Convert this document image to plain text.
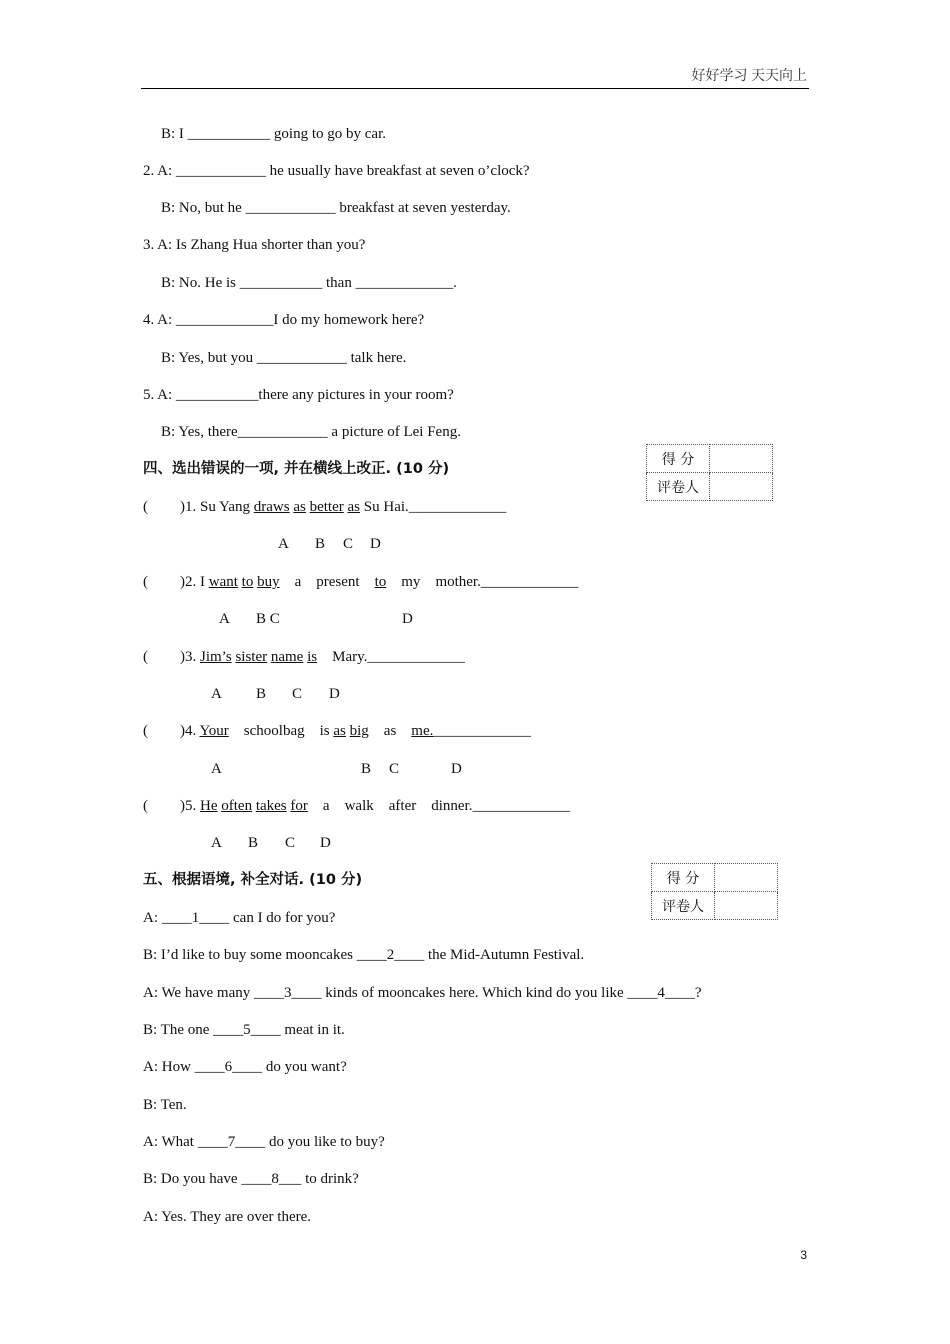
好好学习 天天向上
B: I ___________ going to go by car.
2. A: ____________ he usually have breakfast at seven o’clock?
B: No, but he ____________ breakfast at seven yesterday.
3. A: Is Zhang Hua shorter than you?
B: No. He is ___________ than _____________.
4. A: _____________I do my homework here?
B: Yes, but you ____________ talk here.
5. A: ___________there any pictures in your room?
B: Yes, there____________ a picture of Lei Feng.
四、选出错误的一项, 并在横线上改正. (10 分)
得 分	
评卷人	
( )1. Su Yang draws as better as Su Hai._____________
A B C D
( )2. I want to buy a present to my mother._____________
A B C	D
( )3. Jim’s sister name is Mary._____________
A B C D
( )4. Your schoolbag is as big as me._____________
A	B C	D
( )5. He often takes for a walk after dinner._____________
A B C D
五、根据语境, 补全对话. (10 分)	得 分	
评卷人	
A: ____1____ can I do for you?
B: I’d like to buy some mooncakes ____2____ the Mid-Autumn Festival.
A: We have many ____3____ kinds of mooncakes here. Which kind do you like ____4____?
B: The one ____5____ meat in it.
A: How ____6____ do you want?
B: Ten.
A: What ____7____ do you like to buy?
B: Do you have ____8___ to drink?
A: Yes. They are over there.
3
